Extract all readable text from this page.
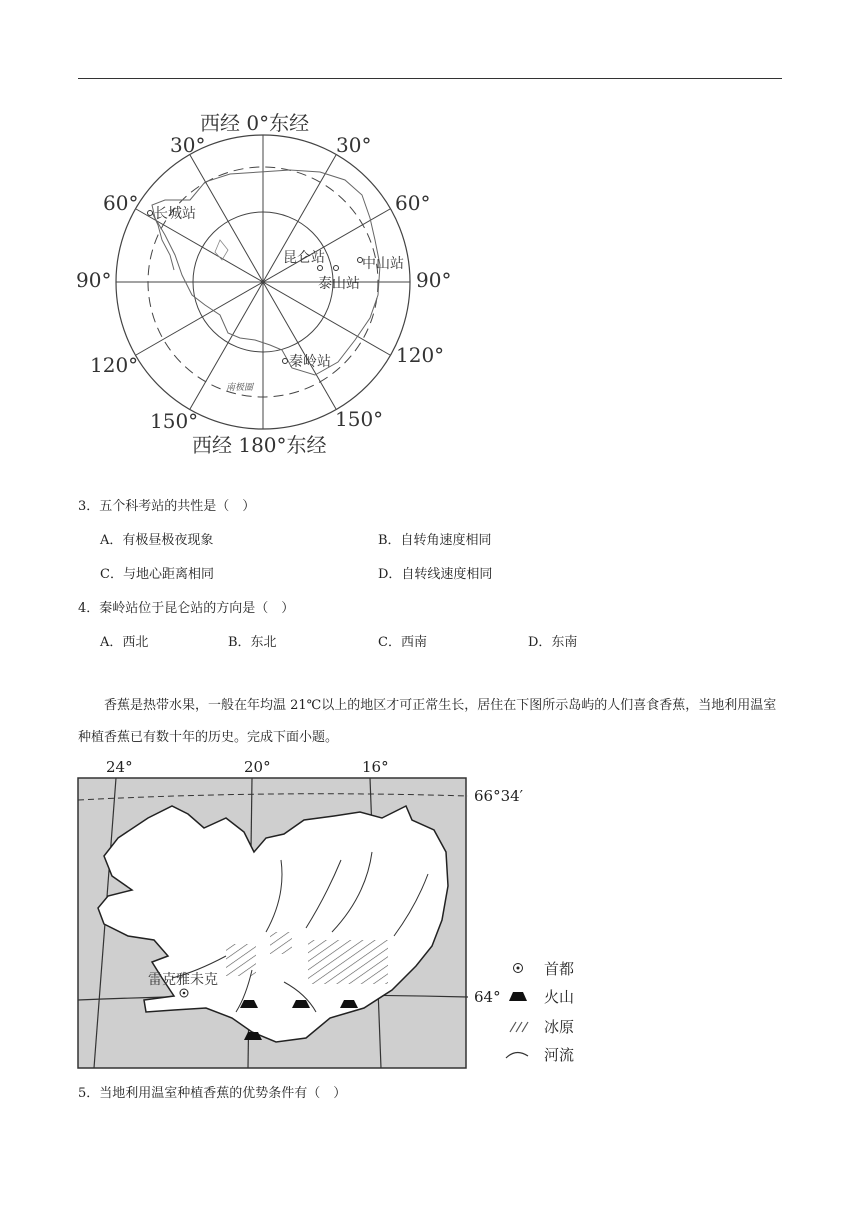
长城站
昆仑站
泰山站
中山站
秦岭站
西经 0°东经
西经 180°东经
30°	30°
60°	60°
90°	90°
120°	120°
150°	150°
南极圈
3．五个科考站的共性是（　）
A．有极昼极夜现象	B．自转角速度相同
C．与地心距离相同	D．自转线速度相同
4．秦岭站位于昆仑站的方向是（　）
A．西北	B．东北	C．西南	D．东南
香蕉是热带水果，一般在年均温 21℃以上的地区才可正常生长，居住在下图所示岛屿的人们喜食香蕉，当地利用温室种植香蕉已有数十年的历史。完成下面小题。
24°	20°	16°
雷克雅未克
66°34′
64°
首都
火山
冰原
河流
5．当地利用温室种植香蕉的优势条件有（　）
